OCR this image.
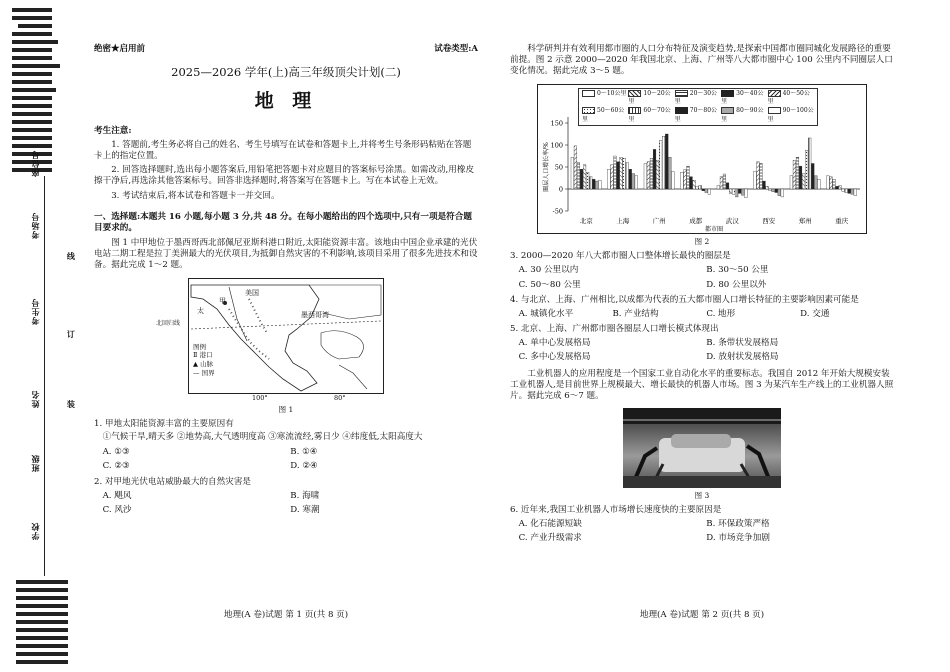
座位号
考场号
考生号
姓名
班级
学校
线
订
装
绝密★启用前	试卷类型:A
2025—2026 学年(上)高三年级顶尖计划(二)
地 理
考生注意:

1. 答题前,考生务必将自己的姓名、考生号填写在试卷和答题卡上,并将考生号条形码粘贴在答题卡上的指定位置。

2. 回答选择题时,选出每小题答案后,用铅笔把答题卡对应题目的答案标号涂黑。如需改动,用橡皮擦干净后,再选涂其他答案标号。回答非选择题时,将答案写在答题卡上。写在本试卷上无效。

3. 考试结束后,将本试卷和答题卡一并交回。

一、选择题:本题共 16 小题,每小题 3 分,共 48 分。在每小题给出的四个选项中,只有一项是符合题目要求的。

图 1 中甲地位于墨西哥西北部佩尼亚斯科港口附近,太阳能资源丰富。该地由中国企业承建的光伏电站二期工程是拉丁美洲最大的光伏项目,为抵御自然灾害的不利影响,该项目采用了很多先进技术和设备。据此完成 1～2 题。

美国
墨西哥湾
太
甲
图例
Ⅱ 港口
▲ 山脉
— 国界
北回归线
100°	80°
图 1

1. 甲地太阳能资源丰富的主要原因有

①气候干旱,晴天多 ②地势高,大气透明度高 ③寒流流经,雾日少 ④纬度低,太阳高度大

A. ①③	B. ①④
C. ②③	D. ②④

2. 对甲地光伏电站威胁最大的自然灾害是

A. 飓风	B. 海啸
C. 风沙	D. 寒潮
地理(A 卷)试题 第 1 页(共 8 页)

科学研判并有效利用都市圈的人口分布特征及演变趋势,是探索中国都市圈同城化发展路径的重要前提。图 2 示意 2000—2020 年我国北京、上海、广州等八大都市圈中心 100 公里内不同圈层人口变化情况。据此完成 3～5 题。

0～10公里	10～20公里
20～30公里
30～40公里
40～50公里
50～60公里
60～70公里
70～80公里
80～90公里
90～100公里
-50
0
50
100
150
圈层人口增长率/%
北京	上海	广州	成都	武汉	西安	郑州	重庆
都市圈
图 2

3. 2000—2020 年八大都市圈人口整体增长最快的圈层是

A. 30 公里以内	B. 30～50 公里
C. 50～80 公里	D. 80 公里以外

4. 与北京、上海、广州相比,以成都为代表的五大都市圈人口增长特征的主要影响因素可能是

A. 城镇化水平	B. 产业结构	C. 地形	D. 交通

5. 北京、上海、广州都市圈各圈层人口增长模式体现出

A. 单中心发展格局	B. 条带状发展格局
C. 多中心发展格局	D. 放射状发展格局

工业机器人的应用程度是一个国家工业自动化水平的重要标志。我国自 2012 年开始大规模安装工业机器人,是目前世界上规模最大、增长最快的机器人市场。图 3 为某汽车生产线上的工业机器人照片。据此完成 6～7 题。

图 3

6. 近年来,我国工业机器人市场增长速度快的主要原因是

A. 化石能源短缺	B. 环保政策严格
C. 产业升级需求	D. 市场竞争加剧
地理(A 卷)试题 第 2 页(共 8 页)
